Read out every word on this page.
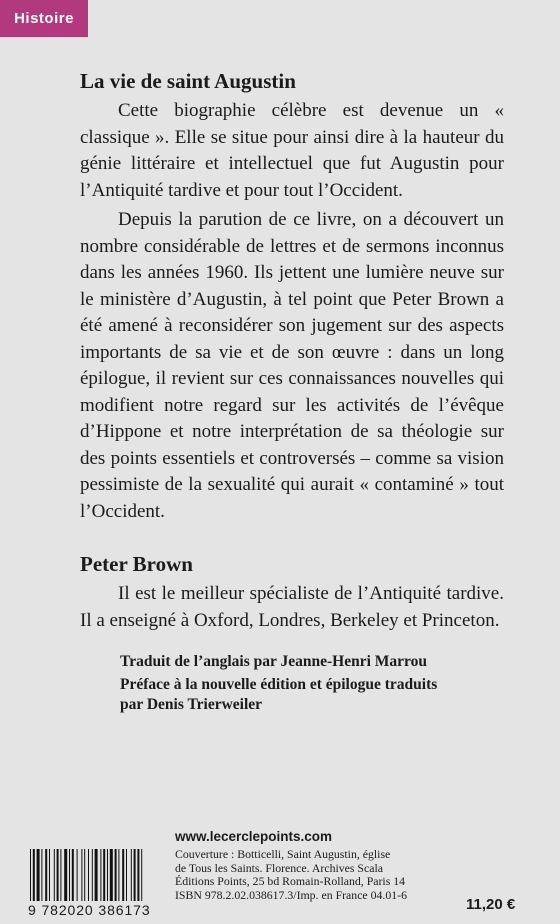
Histoire
La vie de saint Augustin

Cette biographie célèbre est devenue un « classique ». Elle se situe pour ainsi dire à la hauteur du génie littéraire et intellectuel que fut Augustin pour l’Antiquité tardive et pour tout l’Occident.

Depuis la parution de ce livre, on a découvert un nombre considérable de lettres et de sermons inconnus dans les années 1960. Ils jettent une lumière neuve sur le ministère d’Augustin, à tel point que Peter Brown a été amené à reconsidérer son jugement sur des aspects importants de sa vie et de son œuvre : dans un long épilogue, il revient sur ces connaissances nouvelles qui modifient notre regard sur les activités de l’évêque d’Hippone et notre interprétation de sa théologie sur des points essentiels et controversés – comme sa vision pessimiste de la sexualité qui aurait « contaminé » tout l’Occident.

Peter Brown

Il est le meilleur spécialiste de l’Antiquité tardive. Il a enseigné à Oxford, Londres, Berkeley et Princeton.

Traduit de l’anglais par Jeanne-Henri Marrou
Préface à la nouvelle édition et épilogue traduits
par Denis Trierweiler
www.lecerclepoints.com
9 782020 386173
Couverture : Botticelli, Saint Augustin, église
de Tous les Saints. Florence. Archives Scala
Éditions Points, 25 bd Romain-Rolland, Paris 14
ISBN 978.2.02.038617.3/Imp. en France 04.01-6
11,20 €
